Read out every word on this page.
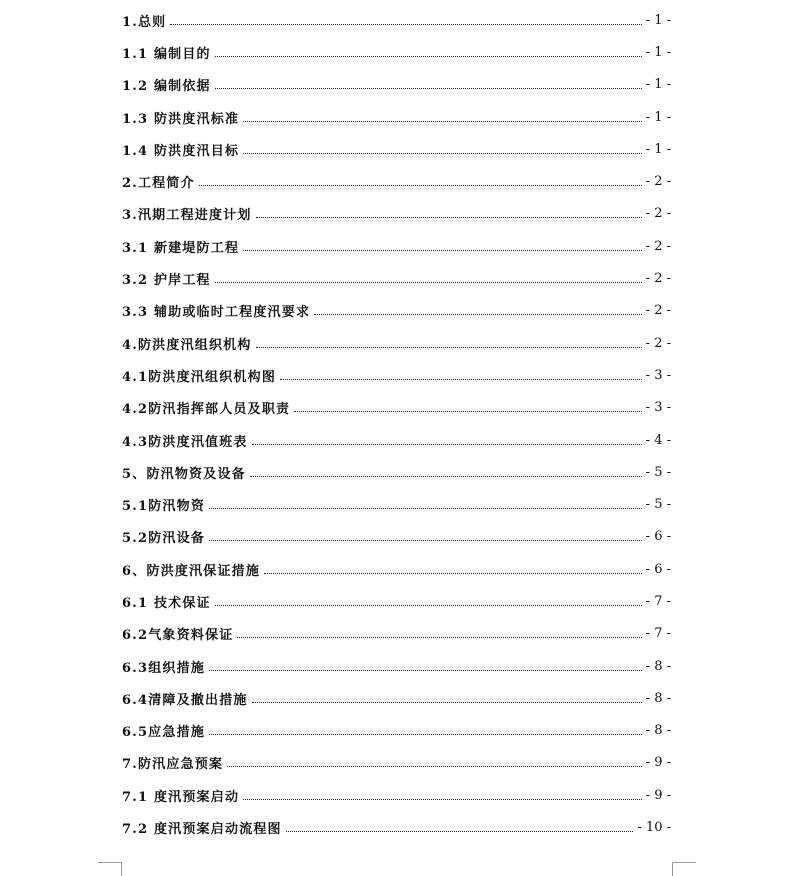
1.总则	- 1 -
1.1 编制目的	- 1 -
1.2 编制依据	- 1 -
1.3 防洪度汛标准	- 1 -
1.4 防洪度汛目标	- 1 -
2.工程简介	- 2 -
3.汛期工程进度计划	- 2 -
3.1 新建堤防工程	- 2 -
3.2 护岸工程	- 2 -
3.3 辅助或临时工程度汛要求	- 2 -
4.防洪度汛组织机构	- 2 -
4.1防洪度汛组织机构图	- 3 -
4.2防汛指挥部人员及职责	- 3 -
4.3防洪度汛值班表	- 4 -
5、防汛物资及设备	- 5 -
5.1防汛物资	- 5 -
5.2防汛设备	- 6 -
6、防洪度汛保证措施	- 6 -
6.1 技术保证	- 7 -
6.2气象资料保证	- 7 -
6.3组织措施	- 8 -
6.4清障及撤出措施	- 8 -
6.5应急措施	- 8 -
7.防汛应急预案	- 9 -
7.1 度汛预案启动	- 9 -
7.2 度汛预案启动流程图	- 10 -
